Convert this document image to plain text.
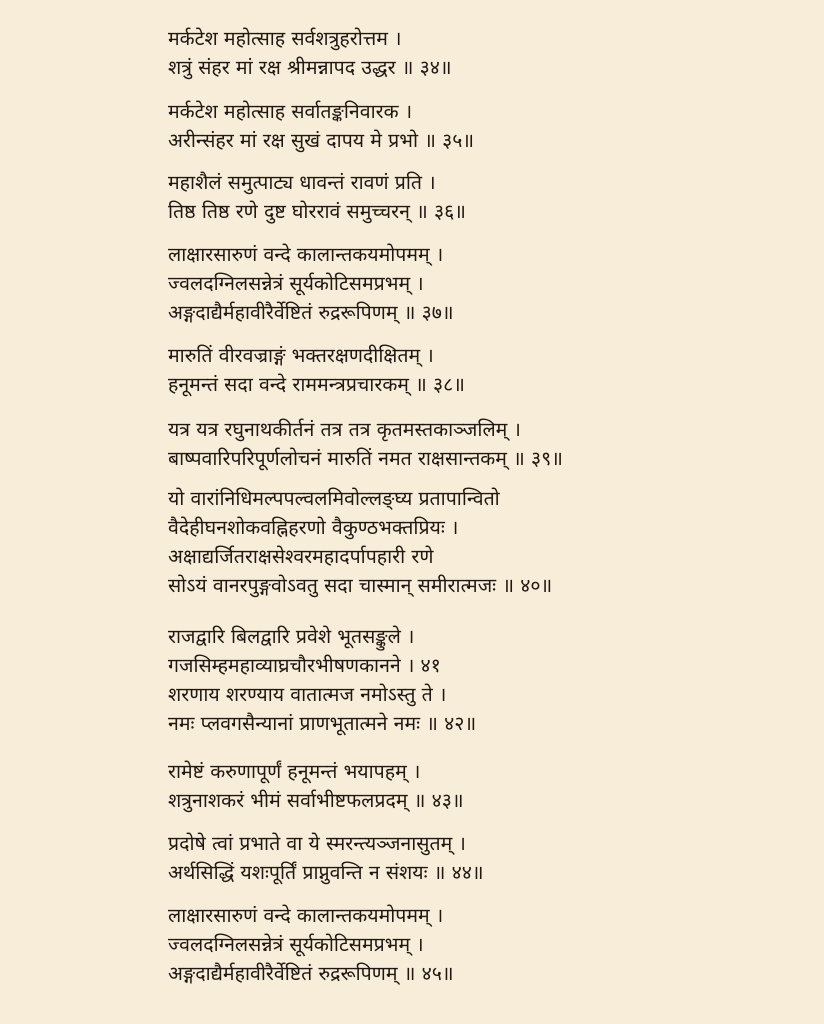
मर्कटेश महोत्साह सर्वशत्रुहरोत्तम ।
शत्रुं संहर मां रक्ष श्रीमन्नापद उद्धर ॥ ३४॥
मर्कटेश महोत्साह सर्वातङ्कनिवारक ।
अरीन्संहर मां रक्ष सुखं दापय मे प्रभो ॥ ३५॥
महाशैलं समुत्पाट्य धावन्तं रावणं प्रति ।
तिष्ठ तिष्ठ रणे दुष्ट घोररावं समुच्चरन् ॥ ३६॥
लाक्षारसारुणं वन्दे कालान्तकयमोपमम् ।
ज्वलदग्निलसन्नेत्रं सूर्यकोटिसमप्रभम् ।
अङ्गदाद्यैर्महावीरैर्वेष्टितं रुद्ररूपिणम् ॥ ३७॥
मारुतिं वीरवज्राङ्गं भक्तरक्षणदीक्षितम् ।
हनूमन्तं सदा वन्दे राममन्त्रप्रचारकम् ॥ ३८॥
यत्र यत्र रघुनाथकीर्तनं तत्र तत्र कृतमस्तकाञ्जलिम् ।
बाष्पवारिपरिपूर्णलोचनं मारुतिं नमत राक्षसान्तकम् ॥ ३९॥
यो वारांनिधिमल्पपल्वलमिवोल्लङ्घ्य प्रतापान्वितो
वैदेहीघनशोकवह्निहरणो वैकुण्ठभक्तप्रियः ।
अक्षाद्यर्जितराक्षसेश्वरमहादर्पापहारी रणे
सोऽयं वानरपुङ्गवोऽवतु सदा चास्मान् समीरात्मजः ॥ ४०॥
राजद्वारि बिलद्वारि प्रवेशे भूतसङ्कुले ।
गजसिम्हमहाव्याघ्रचौरभीषणकानने । ४१
शरणाय शरण्याय वातात्मज नमोऽस्तु ते ।
नमः प्लवगसैन्यानां प्राणभूतात्मने नमः ॥ ४२॥
रामेष्टं करुणापूर्णं हनूमन्तं भयापहम् ।
शत्रुनाशकरं भीमं सर्वाभीष्टफलप्रदम् ॥ ४३॥
प्रदोषे त्वां प्रभाते वा ये स्मरन्त्यञ्जनासुतम् ।
अर्थसिद्धिं यशःपूर्तिं प्राप्नुवन्ति न संशयः ॥ ४४॥
लाक्षारसारुणं वन्दे कालान्तकयमोपमम् ।
ज्वलदग्निलसन्नेत्रं सूर्यकोटिसमप्रभम् ।
अङ्गदाद्यैर्महावीरैर्वेष्टितं रुद्ररूपिणम् ॥ ४५॥
